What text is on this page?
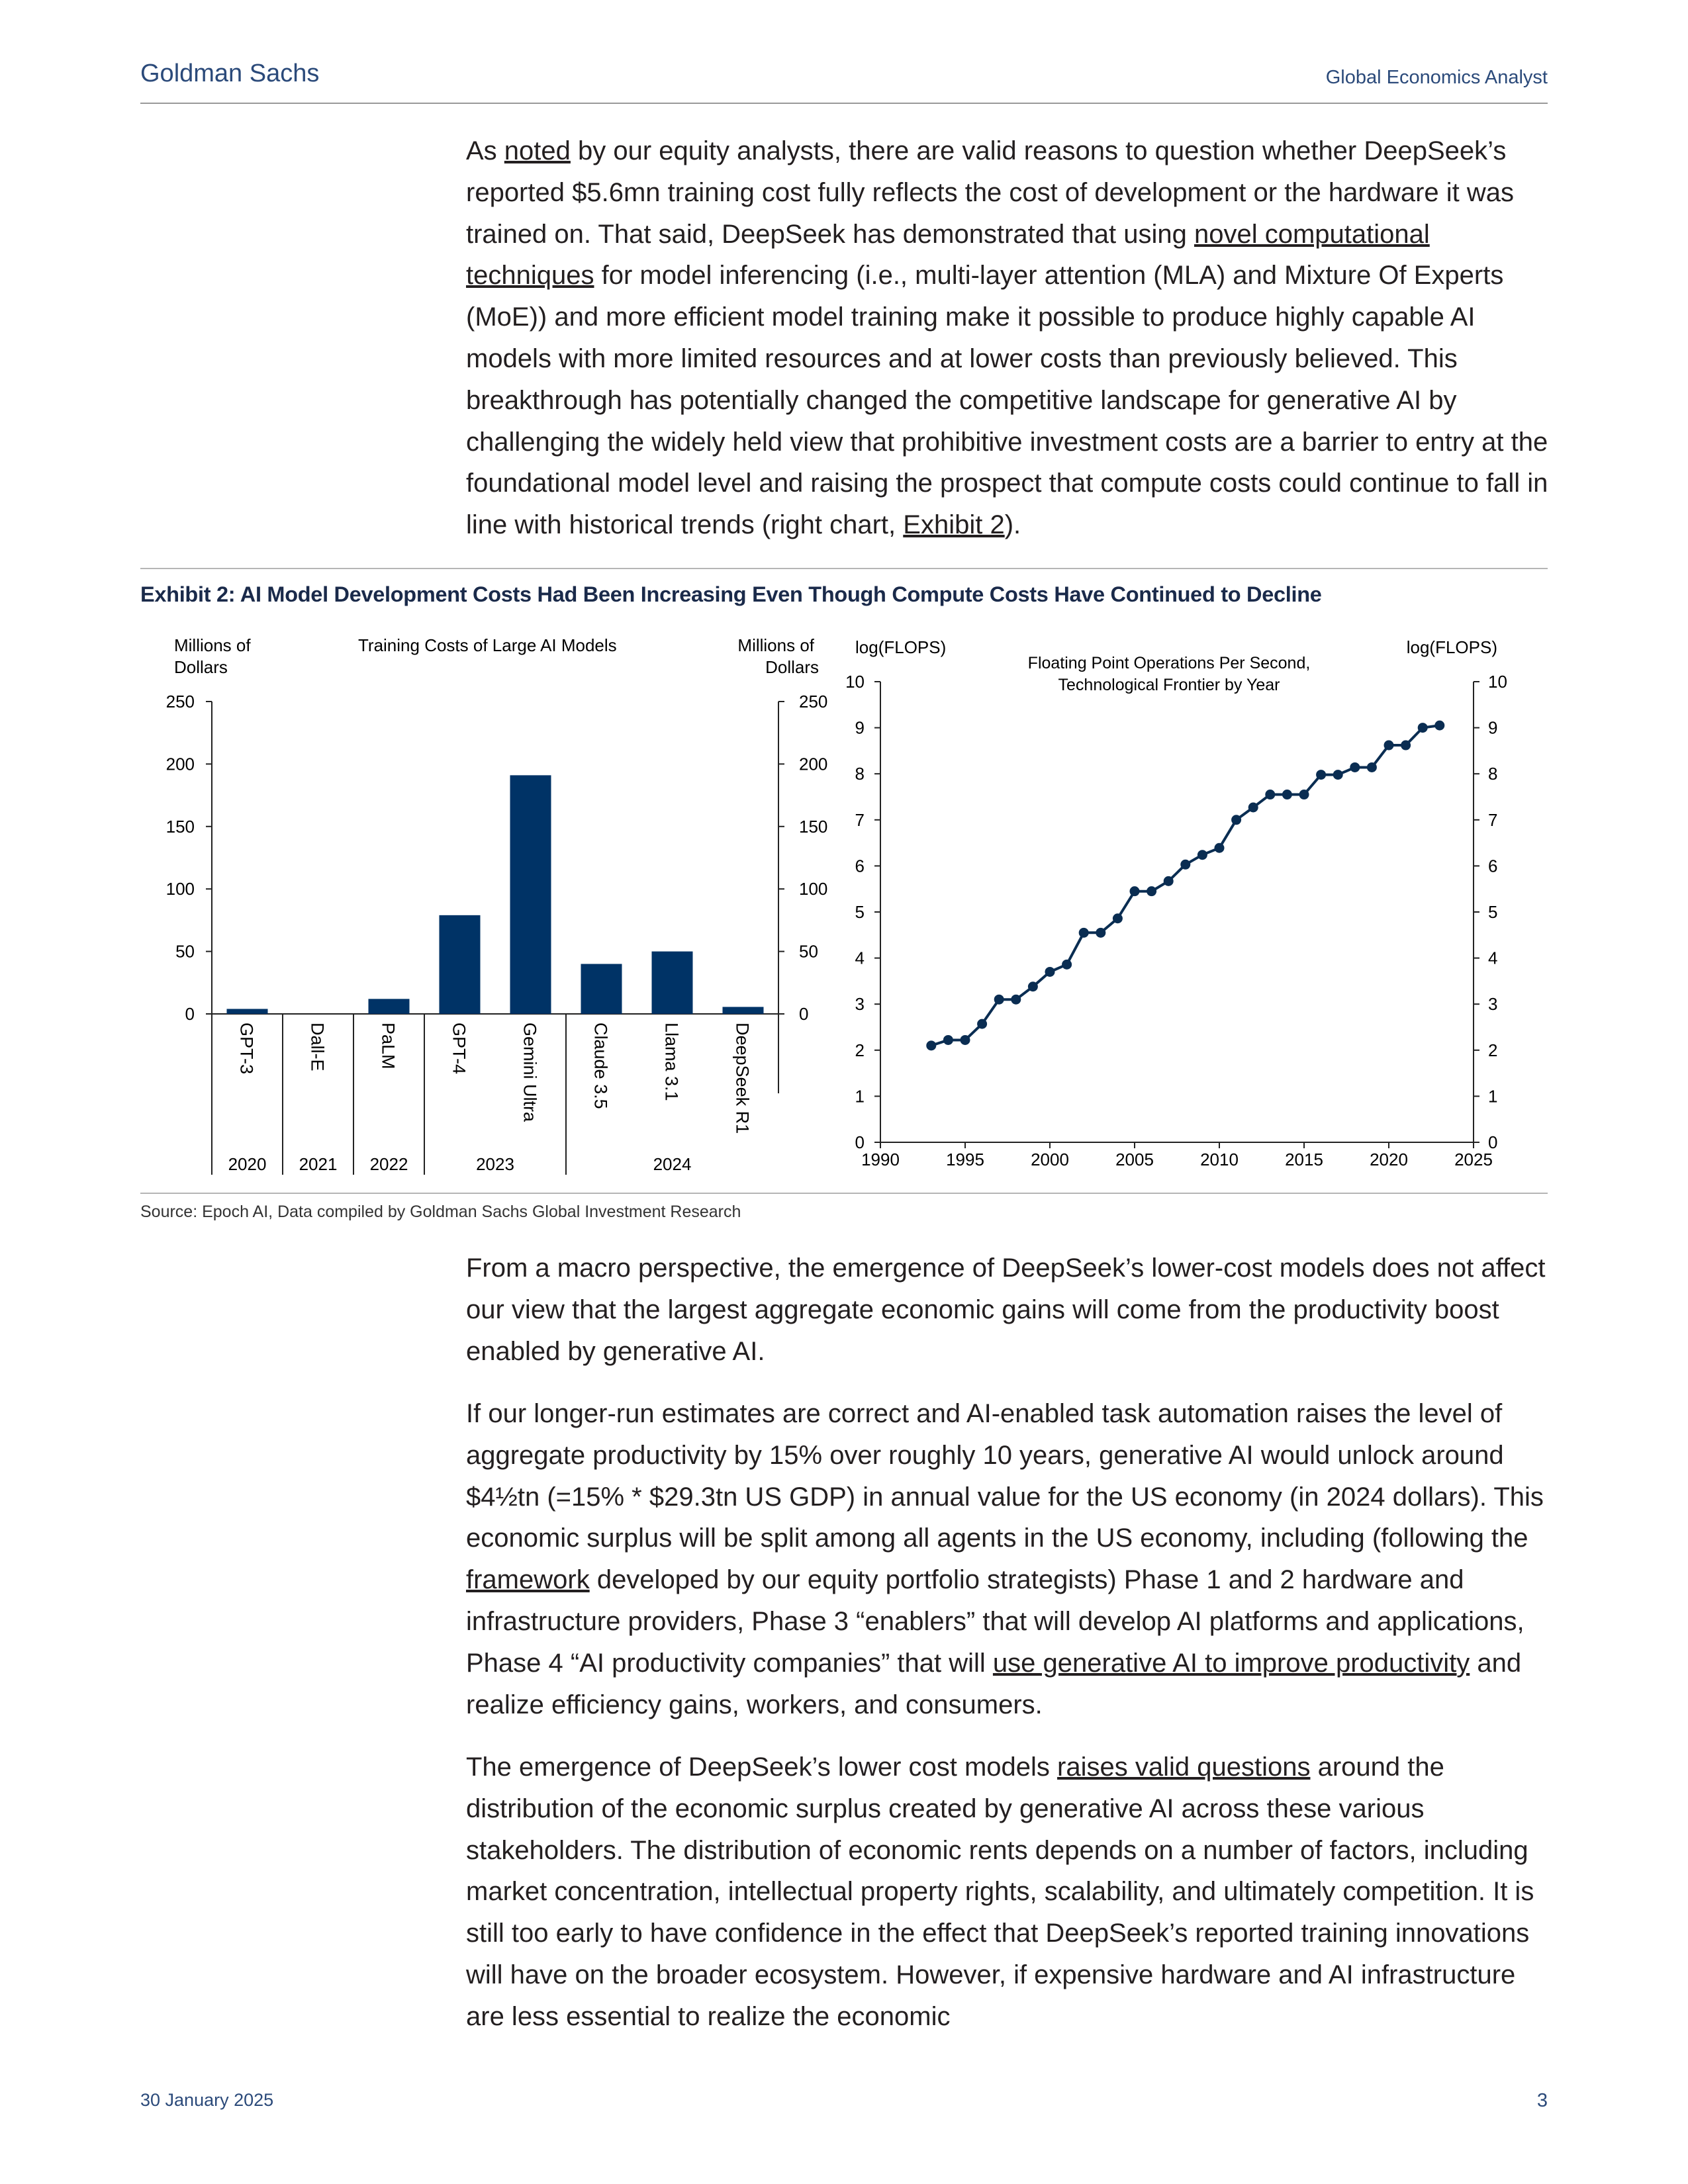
Goldman Sachs	Global Economics Analyst

As noted by our equity analysts, there are valid reasons to question whether DeepSeek’s reported $5.6mn training cost fully reflects the cost of development or the hardware it was trained on. That said, DeepSeek has demonstrated that using novel computational techniques for model inferencing (i.e., multi-layer attention (MLA) and Mixture Of Experts (MoE)) and more efficient model training make it possible to produce highly capable AI models with more limited resources and at lower costs than previously believed. This breakthrough has potentially changed the competitive landscape for generative AI by challenging the widely held view that prohibitive investment costs are a barrier to entry at the foundational model level and raising the prospect that compute costs could continue to fall in line with historical trends (right chart, Exhibit 2).

Exhibit 2: AI Model Development Costs Had Been Increasing Even Though Compute Costs Have Continued to Decline
Millions of
Dollars
Training Costs of Large AI Models	Millions of
Dollars
0	0
50	50
100	100
150	150
200	200
250	250
GPT-3	Dall-E	PaLM	GPT-4	Gemini Ultra	Claude 3.5	Llama 3.1	DeepSeek R1
2020 2021 2022	2023	2024
log(FLOPS)	log(FLOPS)
Floating Point Operations Per Second,
Technological Frontier by Year
0	0
1	1
2	2
3	3
4	4
5	5
6	6
7	7
8	8
9	9
10	10
1990	1995	2000	2005	2010	2015	2020	2025
Source: Epoch AI, Data compiled by Goldman Sachs Global Investment Research

From a macro perspective, the emergence of DeepSeek’s lower-cost models does not affect our view that the largest aggregate economic gains will come from the productivity boost enabled by generative AI.

If our longer-run estimates are correct and AI-enabled task automation raises the level of aggregate productivity by 15% over roughly 10 years, generative AI would unlock around $4½tn (=15% * $29.3tn US GDP) in annual value for the US economy (in 2024 dollars). This economic surplus will be split among all agents in the US economy, including (following the framework developed by our equity portfolio strategists) Phase 1 and 2 hardware and infrastructure providers, Phase 3 “enablers” that will develop AI platforms and applications, Phase 4 “AI productivity companies” that will use generative AI to improve productivity and realize efficiency gains, workers, and consumers.

The emergence of DeepSeek’s lower cost models raises valid questions around the distribution of the economic surplus created by generative AI across these various stakeholders. The distribution of economic rents depends on a number of factors, including market concentration, intellectual property rights, scalability, and ultimately competition. It is still too early to have confidence in the effect that DeepSeek’s reported training innovations will have on the broader ecosystem. However, if expensive hardware and AI infrastructure are less essential to realize the economic

30 January 2025	3
